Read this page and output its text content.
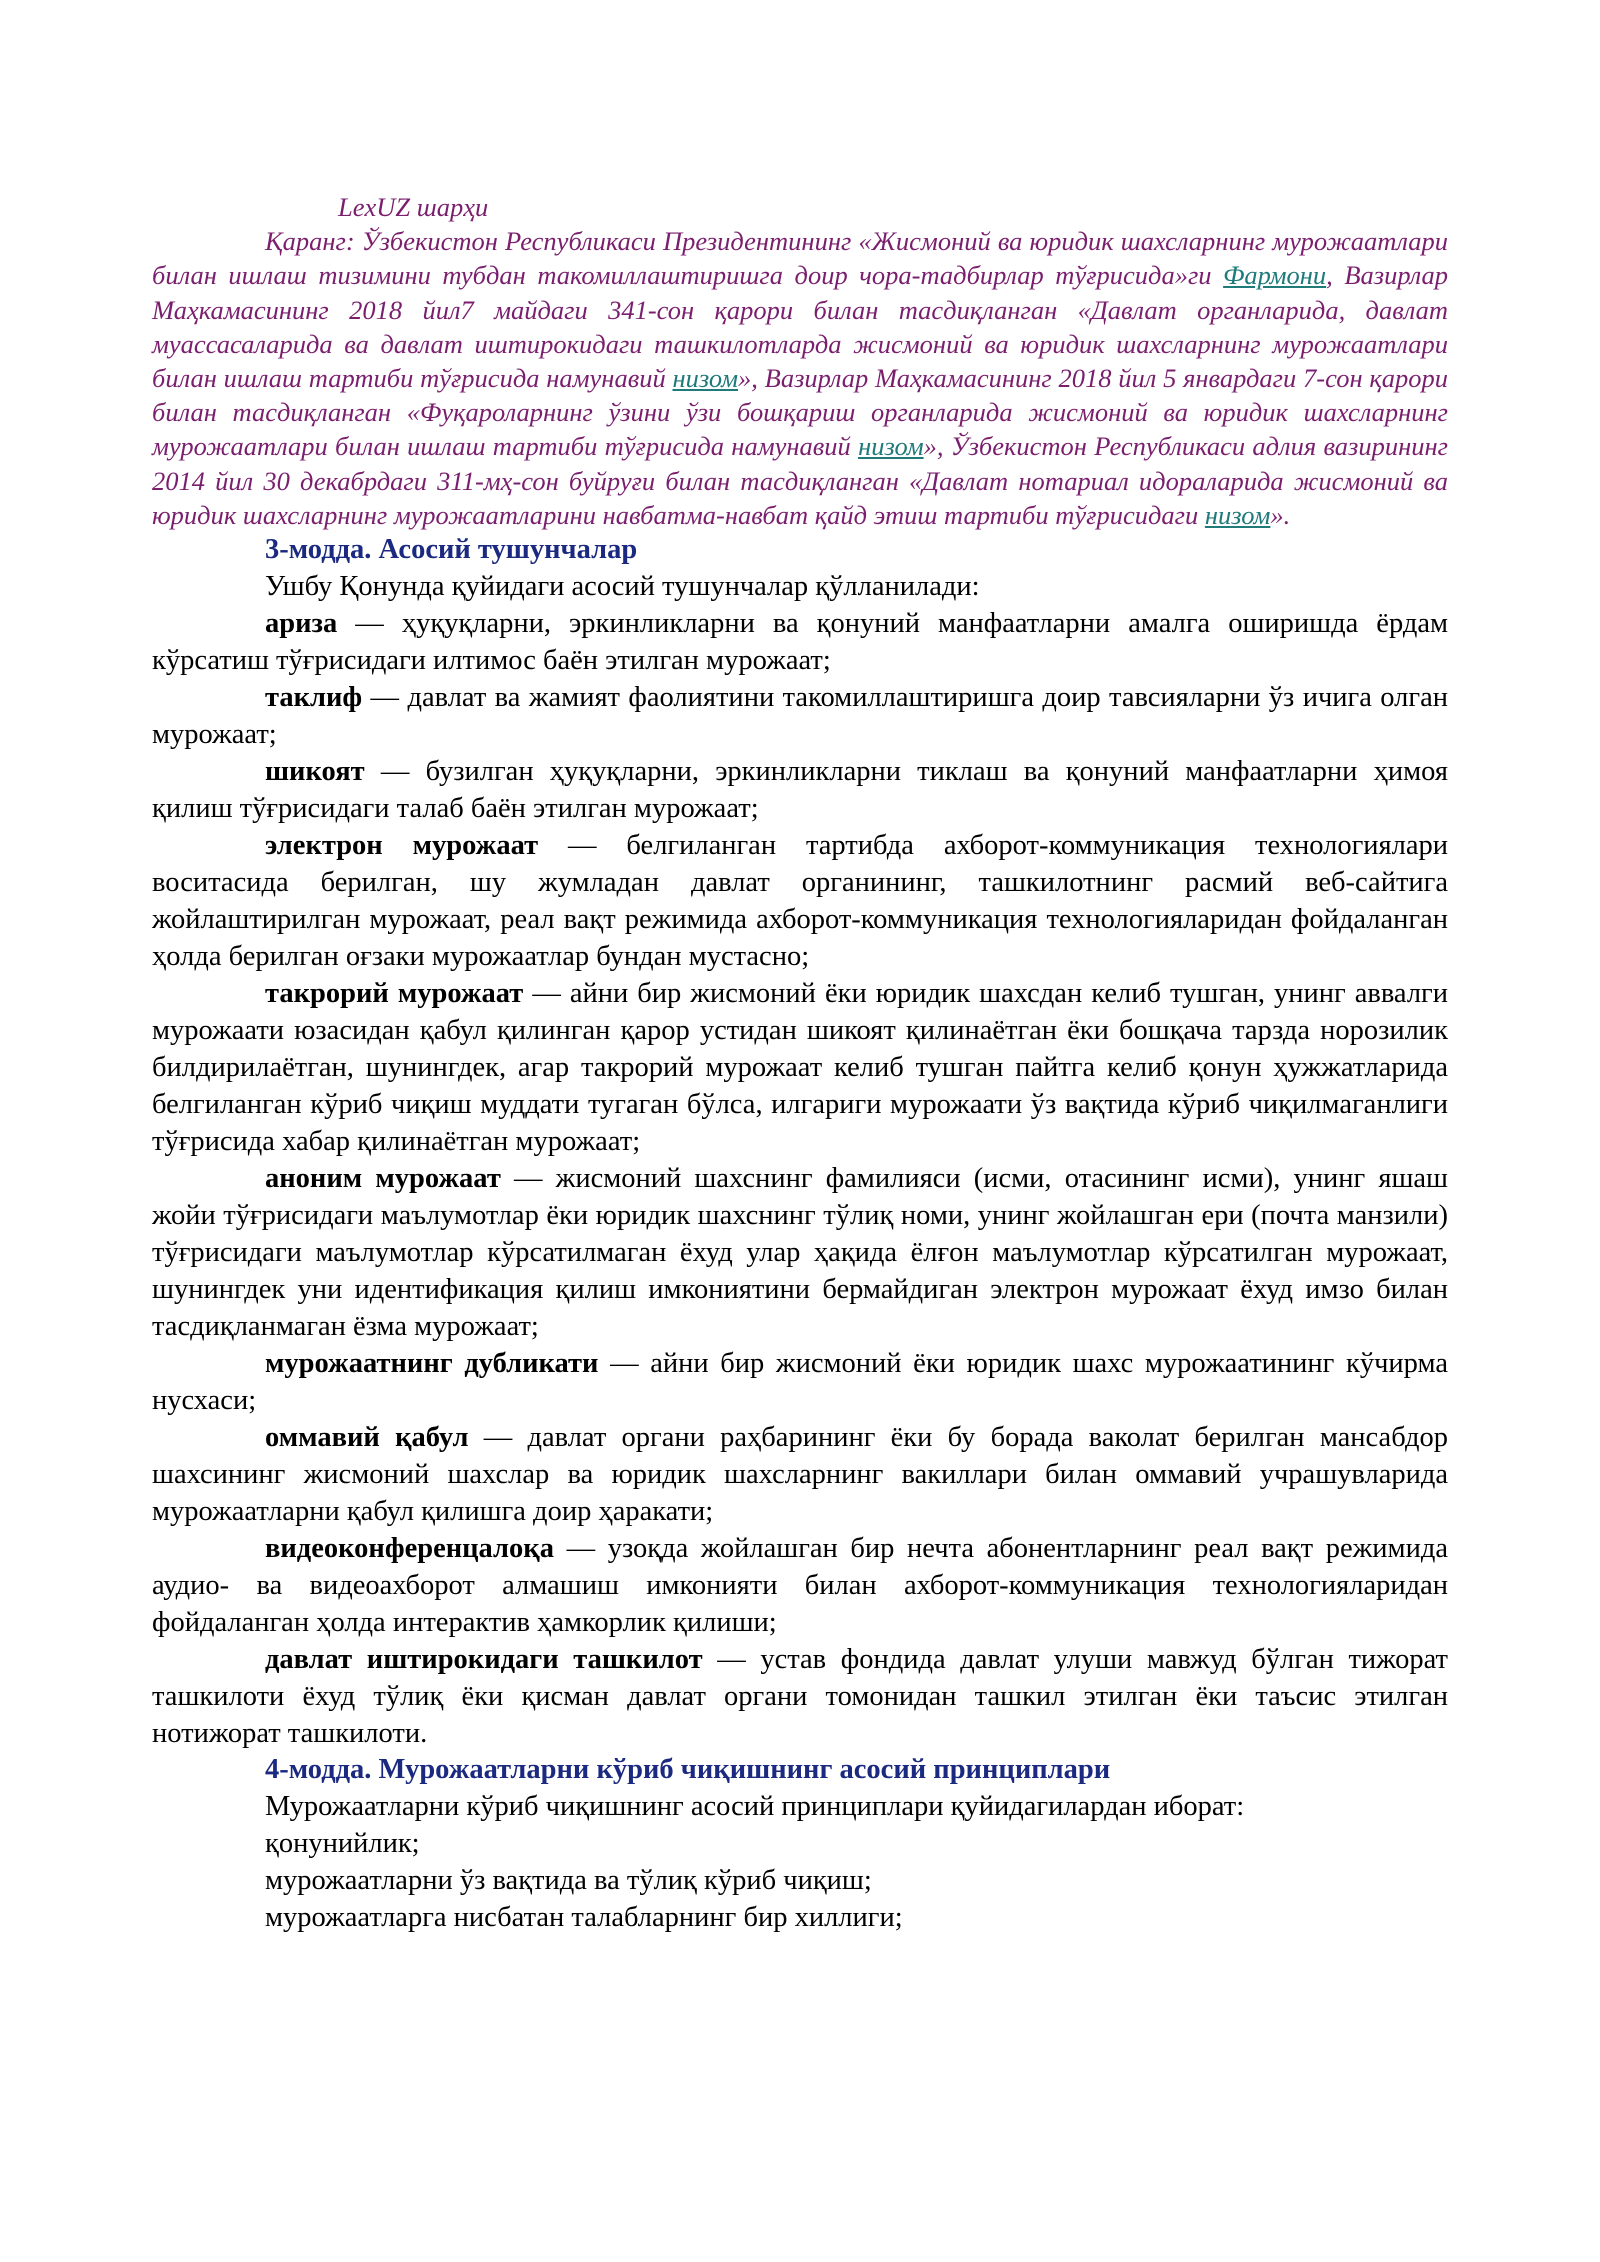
LexUZ шарҳи

Қаранг: Ўзбекистон Республикаси Президентининг «Жисмоний ва юридик шахсларнинг мурожаатлари билан ишлаш тизимини тубдан такомиллаштиришга доир чора-тадбирлар тўғрисида»ги Фармони, Вазирлар Маҳкамасининг 2018 йил7 майдаги 341-сон қарори билан тасдиқланган «Давлат органларида, давлат муассасаларида ва давлат иштирокидаги ташкилотларда жисмоний ва юридик шахсларнинг мурожаатлари билан ишлаш тартиби тўғрисида намунавий низом», Вазирлар Маҳкамасининг 2018 йил 5 январдаги 7-сон қарори билан тасдиқланган «Фуқароларнинг ўзини ўзи бошқариш органларида жисмоний ва юридик шахсларнинг мурожаатлари билан ишлаш тартиби тўғрисида намунавий низом», Ўзбекистон Республикаси адлия вазирининг 2014 йил 30 декабрдаги 311-мҳ-сон буйруғи билан тасдиқланган «Давлат нотариал идораларида жисмоний ва юридик шахсларнинг мурожаатларини навбатма-навбат қайд этиш тартиби тўғрисидаги низом».

3-модда. Асосий тушунчалар

Ушбу Қонунда қуйидаги асосий тушунчалар қўлланилади:

ариза — ҳуқуқларни, эркинликларни ва қонуний манфаатларни амалга оширишда ёрдам кўрсатиш тўғрисидаги илтимос баён этилган мурожаат;

таклиф — давлат ва жамият фаолиятини такомиллаштиришга доир тавсияларни ўз ичига олган мурожаат;

шикоят — бузилган ҳуқуқларни, эркинликларни тиклаш ва қонуний манфаатларни ҳимоя қилиш тўғрисидаги талаб баён этилган мурожаат;

электрон мурожаат — белгиланган тартибда ахборот-коммуникация технологиялари воситасида берилган, шу жумладан давлат органининг, ташкилотнинг расмий веб-сайтига жойлаштирилган мурожаат, реал вақт режимида ахборот-коммуникация технологияларидан фойдаланган ҳолда берилган оғзаки мурожаатлар бундан мустасно;

такрорий мурожаат — айни бир жисмоний ёки юридик шахсдан келиб тушган, унинг аввалги мурожаати юзасидан қабул қилинган қарор устидан шикоят қилинаётган ёки бошқача тарзда норозилик билдирилаётган, шунингдек, агар такрорий мурожаат келиб тушган пайтга келиб қонун ҳужжатларида белгиланган кўриб чиқиш муддати тугаган бўлса, илгариги мурожаати ўз вақтида кўриб чиқилмаганлиги тўғрисида хабар қилинаётган мурожаат;

аноним мурожаат — жисмоний шахснинг фамилияси (исми, отасининг исми), унинг яшаш жойи тўғрисидаги маълумотлар ёки юридик шахснинг тўлиқ номи, унинг жойлашган ери (почта манзили) тўғрисидаги маълумотлар кўрсатилмаган ёхуд улар ҳақида ёлғон маълумотлар кўрсатилган мурожаат, шунингдек уни идентификация қилиш имкониятини бермайдиган электрон мурожаат ёхуд имзо билан тасдиқланмаган ёзма мурожаат;

мурожаатнинг дубликати — айни бир жисмоний ёки юридик шахс мурожаатининг кўчирма нусхаси;

оммавий қабул — давлат органи раҳбарининг ёки бу борада ваколат берилган мансабдор шахсининг жисмоний шахслар ва юридик шахсларнинг вакиллари билан оммавий учрашувларида мурожаатларни қабул қилишга доир ҳаракати;

видеоконференцалоқа — узоқда жойлашган бир нечта абонентларнинг реал вақт режимида аудио- ва видеоахборот алмашиш имконияти билан ахборот-коммуникация технологияларидан фойдаланган ҳолда интерактив ҳамкорлик қилиши;

давлат иштирокидаги ташкилот — устав фондида давлат улуши мавжуд бўлган тижорат ташкилоти ёхуд тўлиқ ёки қисман давлат органи томонидан ташкил этилган ёки таъсис этилган нотижорат ташкилоти.

4-модда. Мурожаатларни кўриб чиқишнинг асосий принциплари

Мурожаатларни кўриб чиқишнинг асосий принциплари қуйидагилардан иборат:

қонунийлик;

мурожаатларни ўз вақтида ва тўлиқ кўриб чиқиш;

мурожаатларга нисбатан талабларнинг бир хиллиги;
